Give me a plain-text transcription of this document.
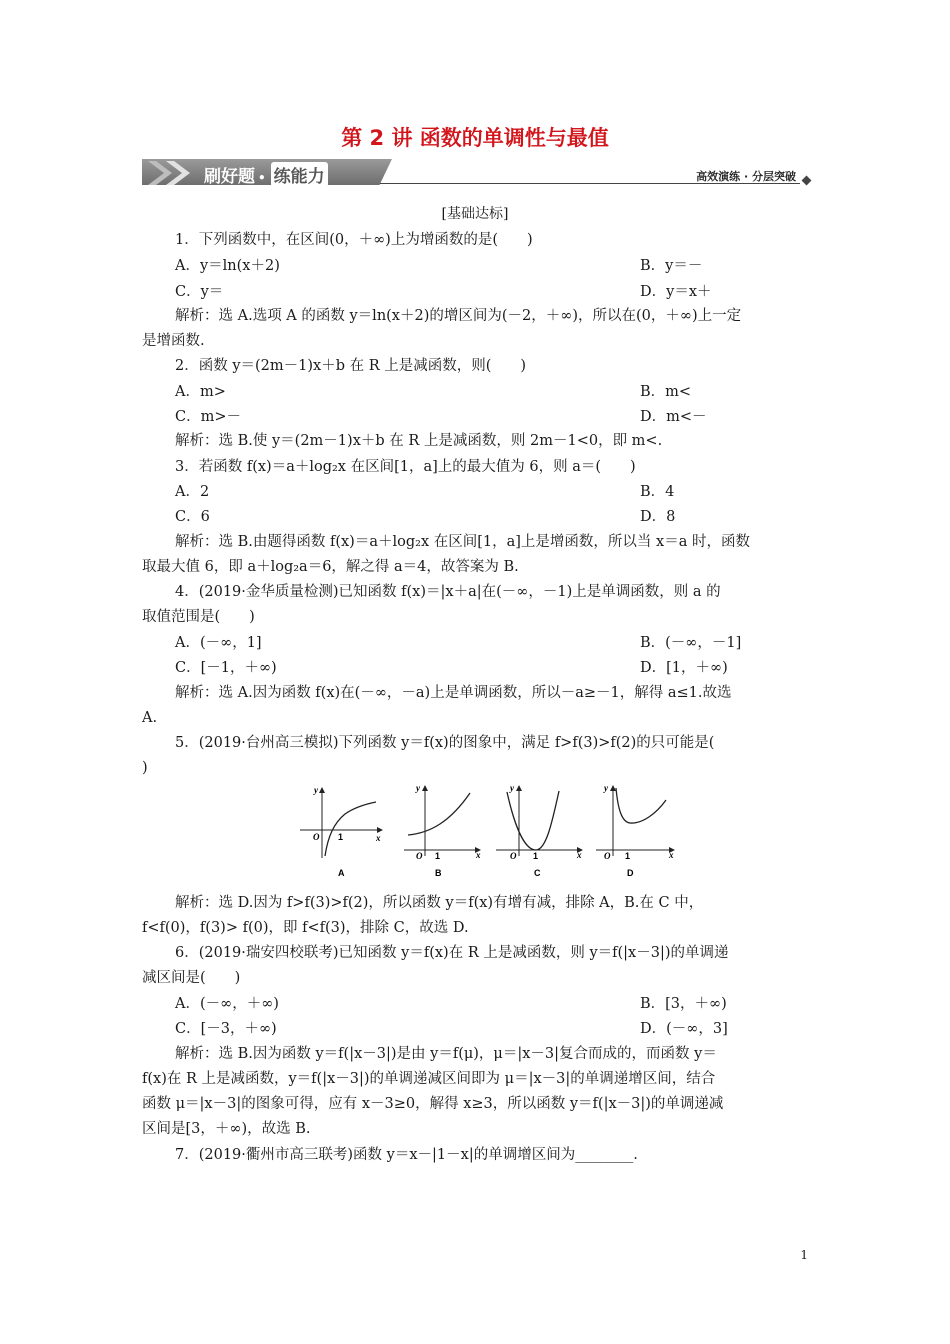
第 2 讲 函数的单调性与最值
刷好题 • 练能力	高效演练 · 分层突破
[基础达标]
1．下列函数中，在区间(0，＋∞)上为增函数的是(　　)
A．y＝ln(x＋2)	B．y＝－
C．y＝	D．y＝x＋
解析：选 A.选项 A 的函数 y＝ln(x＋2)的增区间为(－2，＋∞)，所以在(0，＋∞)上一定
是增函数.
2．函数 y＝(2m－1)x＋b 在 R 上是减函数，则(　　)
A．m>	B．m<
C．m>－	D．m<－
解析：选 B.使 y＝(2m－1)x＋b 在 R 上是减函数，则 2m－1<0，即 m<.
3．若函数 f(x)＝a＋log₂x 在区间[1，a]上的最大值为 6，则 a＝(　　)
A．2	B．4
C．6	D．8
解析：选 B.由题得函数 f(x)＝a＋log₂x 在区间[1，a]上是增函数，所以当 x＝a 时，函数
取最大值 6，即 a＋log₂a＝6，解之得 a＝4，故答案为 B.
4．(2019·金华质量检测)已知函数 f(x)＝|x＋a|在(－∞，－1)上是单调函数，则 a 的
取值范围是(　　)
A．(－∞，1]	B．(－∞，－1]
C．[－1，＋∞)	D．[1，＋∞)
解析：选 A.因为函数 f(x)在(－∞，－a)上是单调函数，所以－a≥－1，解得 a≤1.故选
A.
5．(2019·台州高三模拟)下列函数 y＝f(x)的图象中，满足 f>f(3)>f(2)的只可能是(
)
解析：选 D.因为 f>f(3)>f(2)，所以函数 y＝f(x)有增有减，排除 A，B.在 C 中，
f<f(0)，f(3)> f(0)，即 f<f(3)，排除 C，故选 D.
6．(2019·瑞安四校联考)已知函数 y＝f(x)在 R 上是减函数，则 y＝f(|x－3|)的单调递
减区间是(　　)
A．(－∞，＋∞)	B．[3，＋∞)
C．[－3，＋∞)	D．(－∞，3]
解析：选 B.因为函数 y＝f(|x－3|)是由 y＝f(μ)，μ＝|x－3|复合而成的，而函数 y＝
f(x)在 R 上是减函数，y＝f(|x－3|)的单调递减区间即为 μ＝|x－3|的单调递增区间，结合
函数 μ＝|x－3|的图象可得，应有 x－3≥0，解得 x≥3，所以函数 y＝f(|x－3|)的单调递减
区间是[3，＋∞)，故选 B.
7．(2019·衢州市高三联考)函数 y＝x－|1－x|的单调增区间为________.
y
x
O 1
A
y
x
O 1
B
y
x
O 1
C
y
x
O 1
D
1
